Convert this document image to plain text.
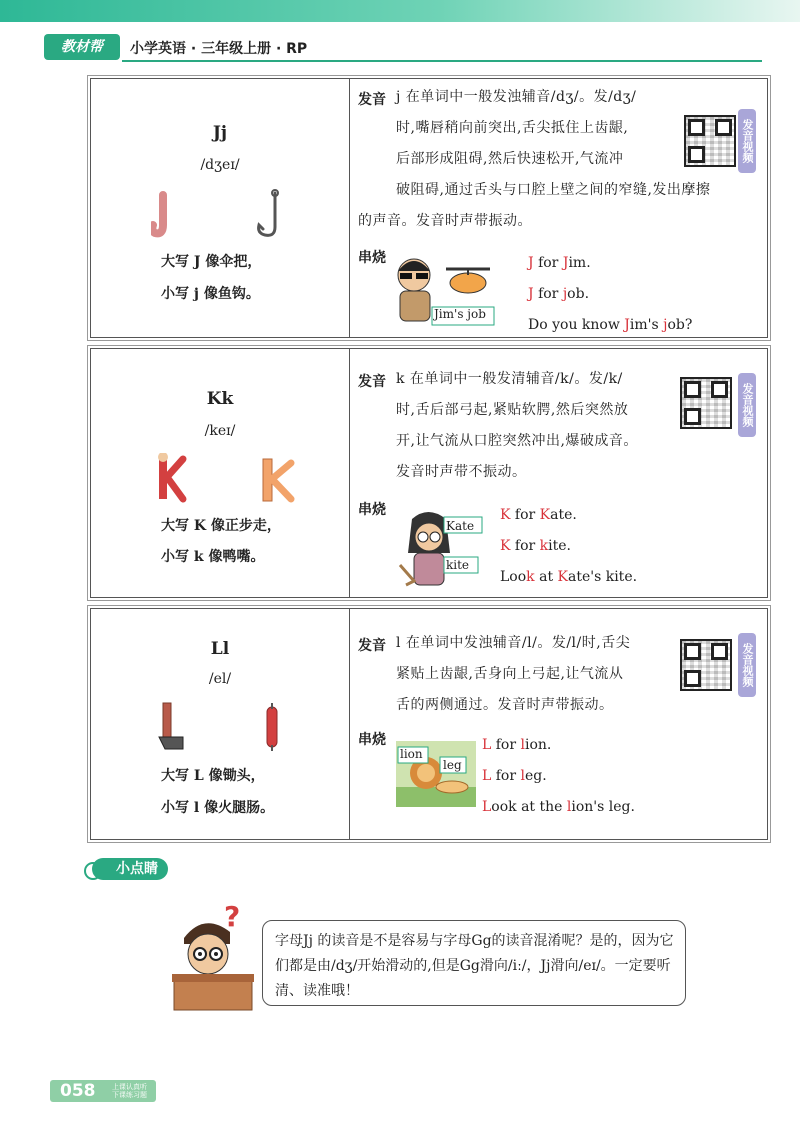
教材帮	小学英语 · 三年级上册 · RP
Jj
/dʒeɪ/
大写 J 像伞把，
小写 j 像鱼钩。
发音 j 在单词中一般发浊辅音/dʒ/。发/dʒ/
时,嘴唇稍向前突出,舌尖抵住上齿龈,
后部形成阻碍,然后快速松开,气流冲
破阻碍,通过舌头与口腔上壁之间的窄缝,发出摩擦
的声音。发音时声带振动。
发音视频
串烧
Jim's job
J for Jim.
J for job.
Do you know Jim's job?
Kk
/keɪ/
大写 K 像正步走，
小写 k 像鸭嘴。
发音 k 在单词中一般发清辅音/k/。发/k/
时,舌后部弓起,紧贴软腭,然后突然放
开,让气流从口腔突然冲出,爆破成音。
发音时声带不振动。
发音视频
串烧
Kate
kite
K for Kate.
K for kite.
Look at Kate's kite.
Ll
/el/
大写 L 像锄头，
小写 l 像火腿肠。
发音 l 在单词中发浊辅音/l/。发/l/时,舌尖
紧贴上齿龈,舌身向上弓起,让气流从
舌的两侧通过。发音时声带振动。
发音视频
串烧
lion
leg
L for lion.
L for leg.
Look at the lion's leg.
小点睛
?
字母Jj 的读音是不是容易与字母Gg的读音混淆呢？是的，因为它们都是由/dʒ/开始滑动的,但是Gg滑向/iː/，Jj滑向/eɪ/。一定要听清、读准哦！
058 上课认真听 下课练习题
